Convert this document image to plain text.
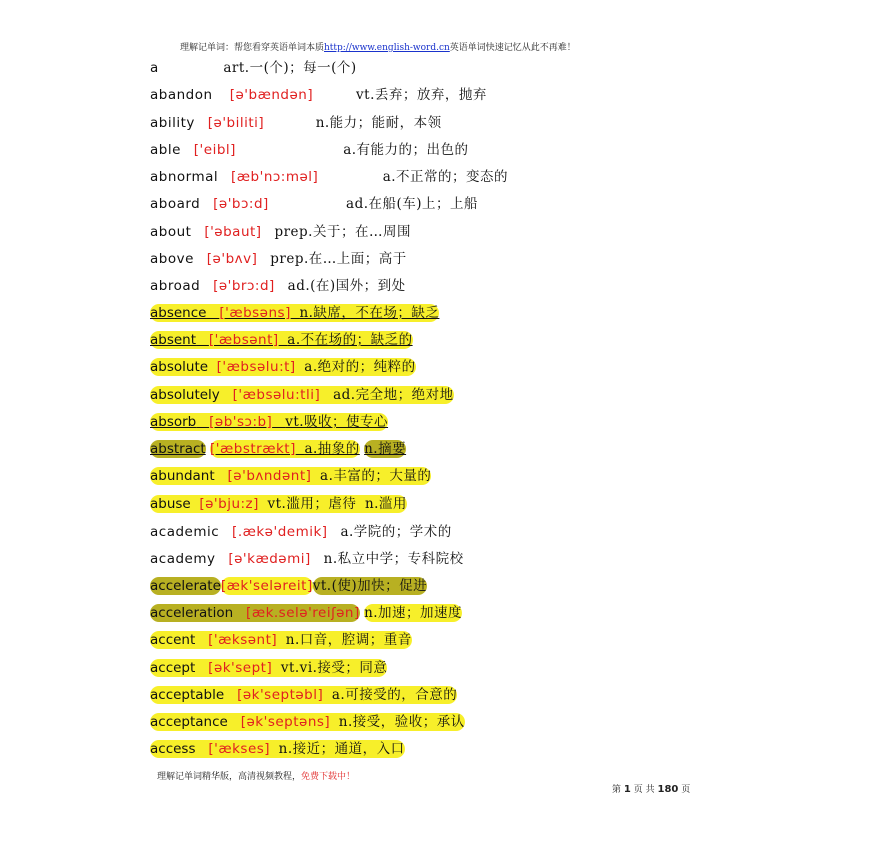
理解记单词：帮您看穿英语单词本质http://www.english-word.cn英语单词快速记忆从此不再难！
a	art.一(个)；每一(个)
abandon [ə'bændən]	vt.丢弃；放弃，抛弃
ability [ə'biliti]	n.能力；能耐，本领
able ['eibl]	a.有能力的；出色的
abnormal [æb'nɔ:məl]	a.不正常的；变态的
aboard [ə'bɔ:d]	ad.在船(车)上；上船
about ['əbaut] prep.关于；在…周围
above [ə'bʌv] prep.在…上面；高于
abroad [ə'brɔ:d] ad.(在)国外；到处
absence ['æbsəns] n.缺席，不在场；缺乏
absent ['æbsənt] a.不在场的；缺乏的
absolute ['æbsəlu:t] a.绝对的；纯粹的
absolutely ['æbsəlu:tli] ad.完全地；绝对地
absorb [əb'sɔ:b] vt.吸收；使专心
abstract ['æbstrækt] a.抽象的 n.摘要
abundant [ə'bʌndənt] a.丰富的；大量的
abuse [ə'bju:z] vt.滥用；虐待 n.滥用
academic [.ækə'demik] a.学院的；学术的
academy [ə'kædəmi] n.私立中学；专科院校
accelerate[æk'seləreit]vt.(使)加快；促进
acceleration [æk.selə'reiʃən] n.加速；加速度
accent ['æksənt] n.口音，腔调；重音
accept [ək'sept] vt.vi.接受；同意
acceptable [ək'septəbl] a.可接受的，合意的
acceptance [ək'septəns] n.接受，验收；承认
access ['ækses] n.接近；通道，入口
理解记单词精华版，高清视频教程，免费下载中！
第 1 页 共 180 页
